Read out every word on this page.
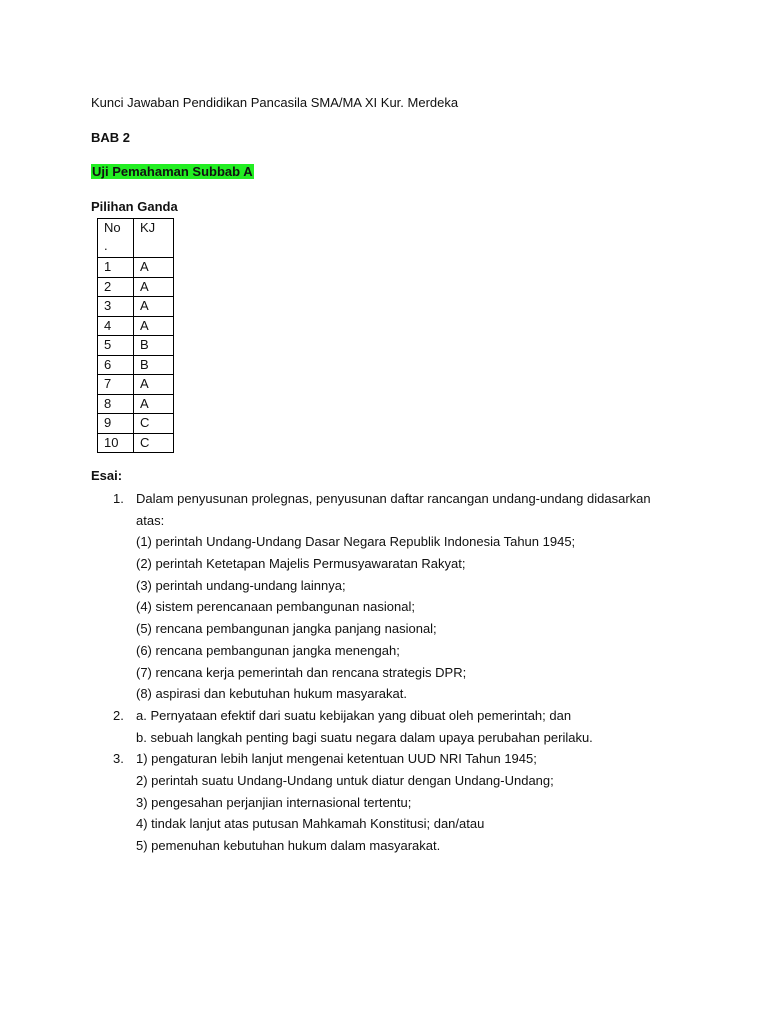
Kunci Jawaban Pendidikan Pancasila SMA/MA XI Kur. Merdeka
BAB 2
Uji Pemahaman Subbab A
Pilihan Ganda
No
.	KJ
1	A
2	A
3	A
4	A
5	B
6	B
7	A
8	A
9	C
10	C
Esai:
1. Dalam penyusunan prolegnas, penyusunan daftar rancangan undang-undang didasarkan
atas:
(1) perintah Undang-Undang Dasar Negara Republik Indonesia Tahun 1945;
(2) perintah Ketetapan Majelis Permusyawaratan Rakyat;
(3) perintah undang-undang lainnya;
(4) sistem perencanaan pembangunan nasional;
(5) rencana pembangunan jangka panjang nasional;
(6) rencana pembangunan jangka menengah;
(7) rencana kerja pemerintah dan rencana strategis DPR;
(8) aspirasi dan kebutuhan hukum masyarakat.
2. a. Pernyataan efektif dari suatu kebijakan yang dibuat oleh pemerintah; dan
b. sebuah langkah penting bagi suatu negara dalam upaya perubahan perilaku.
3. 1) pengaturan lebih lanjut mengenai ketentuan UUD NRI Tahun 1945;
2) perintah suatu Undang-Undang untuk diatur dengan Undang-Undang;
3) pengesahan perjanjian internasional tertentu;
4) tindak lanjut atas putusan Mahkamah Konstitusi; dan/atau
5) pemenuhan kebutuhan hukum dalam masyarakat.
